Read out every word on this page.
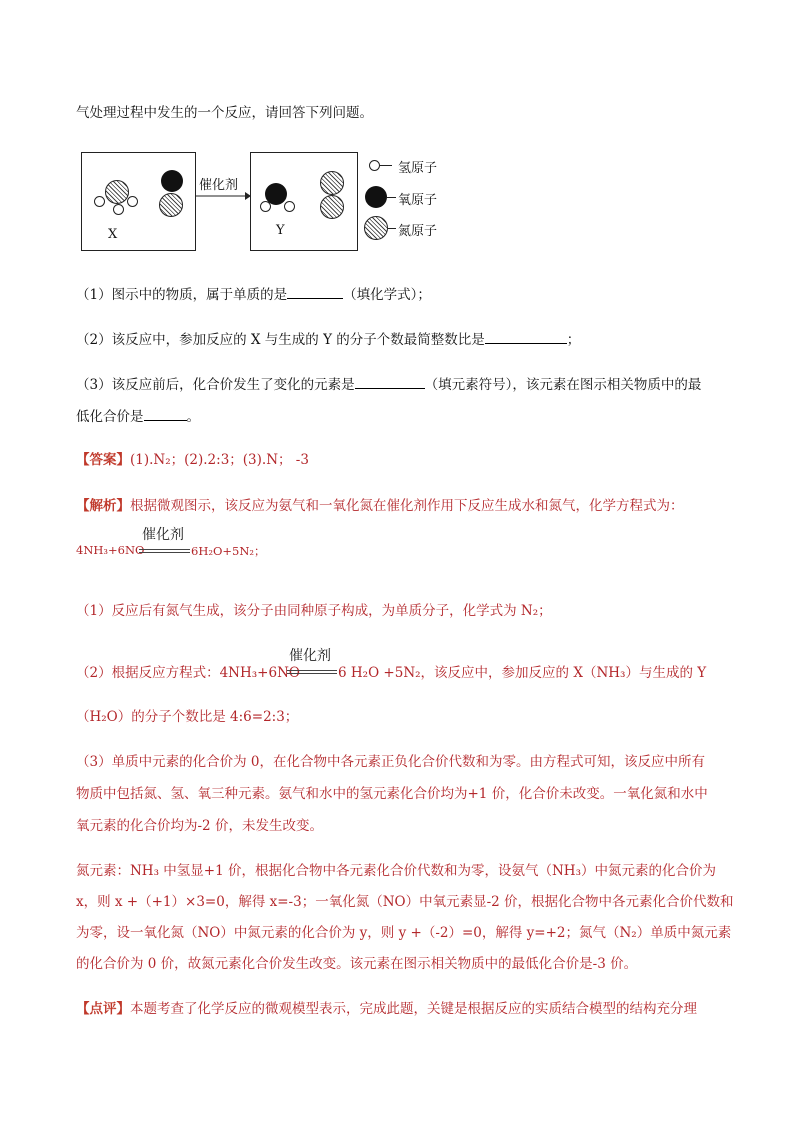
气处理过程中发生的一个反应，请回答下列问题。
X
催化剂
Y
氢原子
氧原子
氮原子
（1）图示中的物质，属于单质的是	（填化学式）；
（2）该反应中，参加反应的 X 与生成的 Y 的分子个数最简整数比是	；
（3）该反应前后，化合价发生了变化的元素是	（填元素符号），该元素在图示相关物质中的最
低化合价是	。
【答案】(1).N₂；(2).2:3；(3).N； -3
【解析】根据微观图示，该反应为氨气和一氧化氮在催化剂作用下反应生成水和氮气，化学方程式为：
催化剂
4NH₃+6NO	6H₂O+5N₂；
（1）反应后有氮气生成，该分子由同种原子构成，为单质分子，化学式为 N₂；
（2）根据反应方程式：4NH₃+6NO
催化剂
6 H₂O +5N₂，该反应中，参加反应的 X（NH₃）与生成的 Y
（H₂O）的分子个数比是 4:6=2:3；
（3）单质中元素的化合价为 0，在化合物中各元素正负化合价代数和为零。由方程式可知，该反应中所有
物质中包括氮、氢、氧三种元素。氨气和水中的氢元素化合价均为+1 价，化合价未改变。一氧化氮和水中
氧元素的化合价均为-2 价，未发生改变。
氮元素：NH₃ 中氢显+1 价，根据化合物中各元素化合价代数和为零，设氨气（NH₃）中氮元素的化合价为
x，则 x +（+1）×3=0，解得 x=-3；一氧化氮（NO）中氧元素显-2 价，根据化合物中各元素化合价代数和
为零，设一氧化氮（NO）中氮元素的化合价为 y，则 y +（-2）=0，解得 y=+2；氮气（N₂）单质中氮元素
的化合价为 0 价，故氮元素化合价发生改变。该元素在图示相关物质中的最低化合价是-3 价。
【点评】本题考查了化学反应的微观模型表示，完成此题，关键是根据反应的实质结合模型的结构充分理
